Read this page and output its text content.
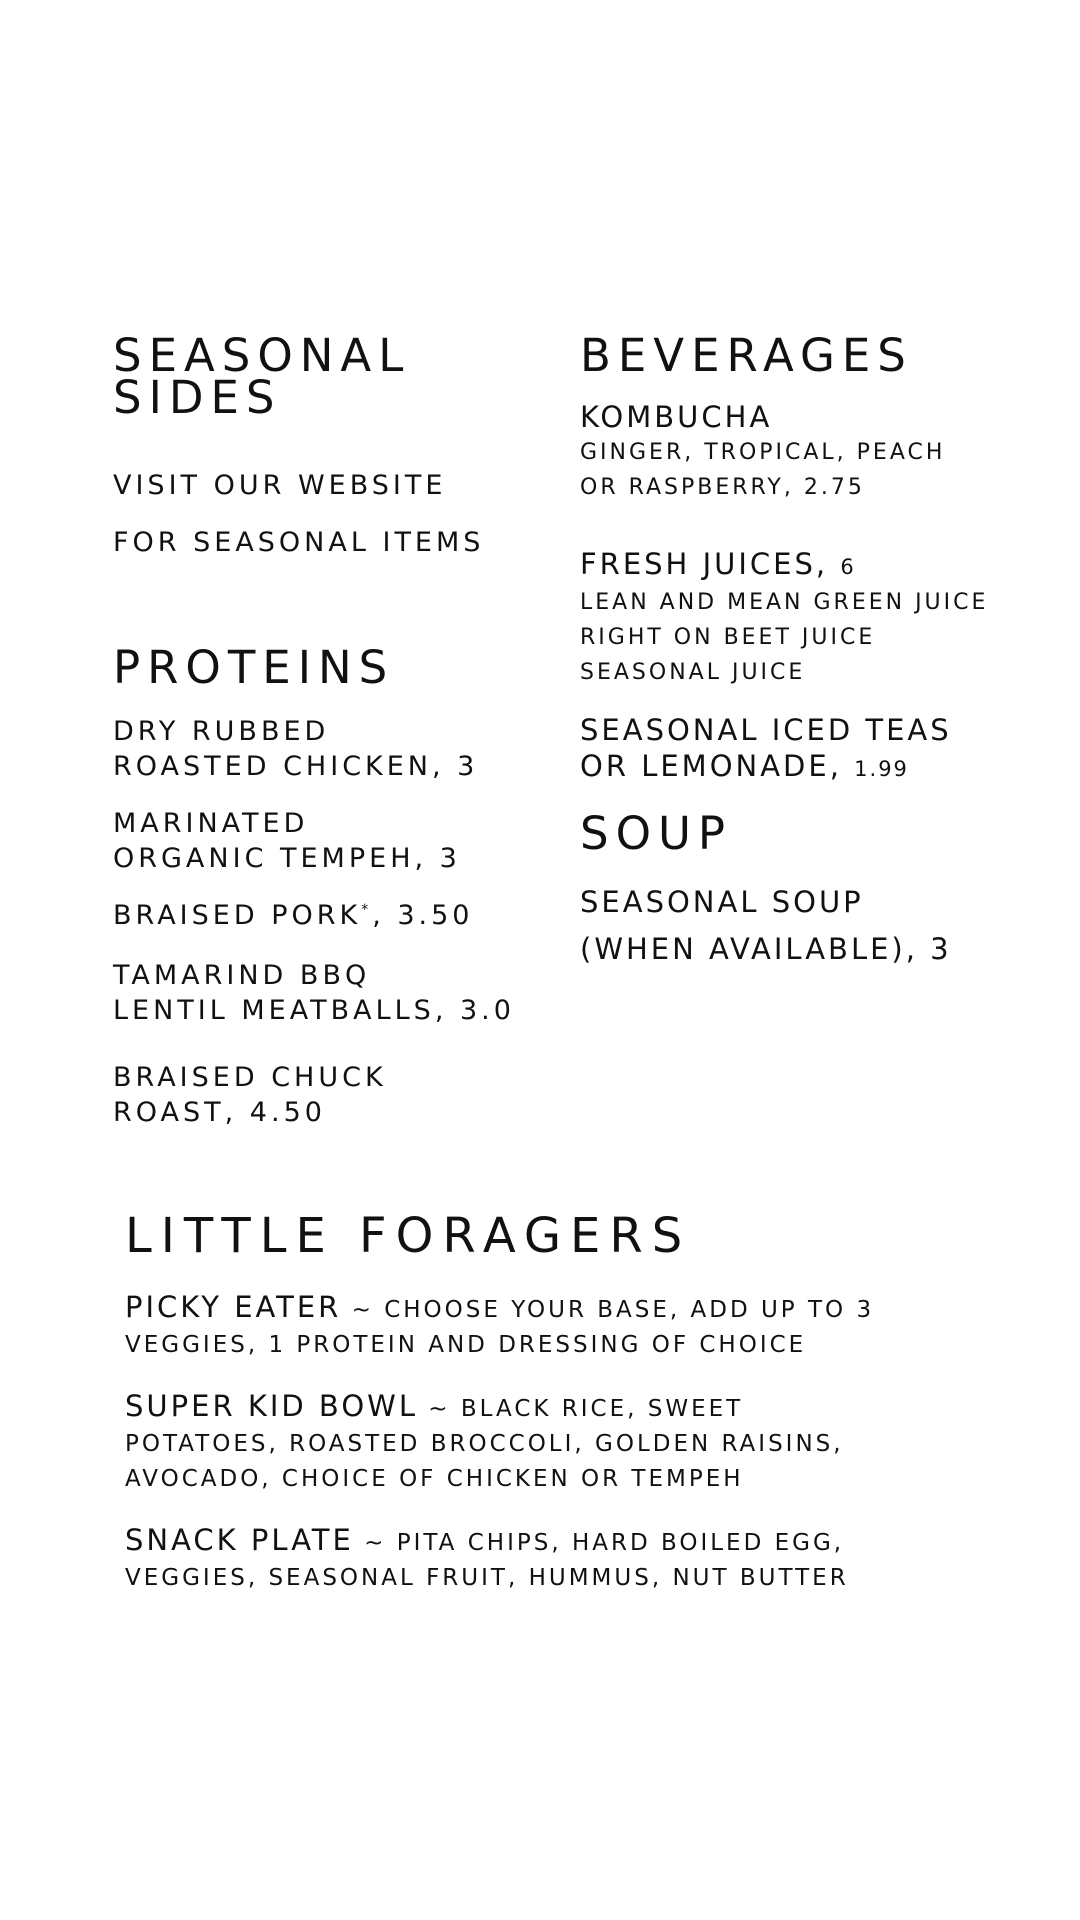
SEASONAL
SIDES
VISIT OUR WEBSITE
FOR SEASONAL ITEMS
PROTEINS
DRY RUBBED
ROASTED CHICKEN, 3
MARINATED
ORGANIC TEMPEH, 3
BRAISED PORK*, 3.50
TAMARIND BBQ
LENTIL MEATBALLS, 3.0
BRAISED CHUCK
ROAST, 4.50
BEVERAGES
KOMBUCHA
GINGER, TROPICAL, PEACH
OR RASPBERRY, 2.75
FRESH JUICES, 6
LEAN AND MEAN GREEN JUICE
RIGHT ON BEET JUICE
SEASONAL JUICE
SEASONAL ICED TEAS
OR LEMONADE, 1.99
SOUP
SEASONAL SOUP
(WHEN AVAILABLE), 3
LITTLE FORAGERS
PICKY EATER ~ CHOOSE YOUR BASE, ADD UP TO 3
VEGGIES, 1 PROTEIN AND DRESSING OF CHOICE
SUPER KID BOWL ~ BLACK RICE, SWEET
POTATOES, ROASTED BROCCOLI, GOLDEN RAISINS,
AVOCADO, CHOICE OF CHICKEN OR TEMPEH
SNACK PLATE ~ PITA CHIPS, HARD BOILED EGG,
VEGGIES, SEASONAL FRUIT, HUMMUS, NUT BUTTER
